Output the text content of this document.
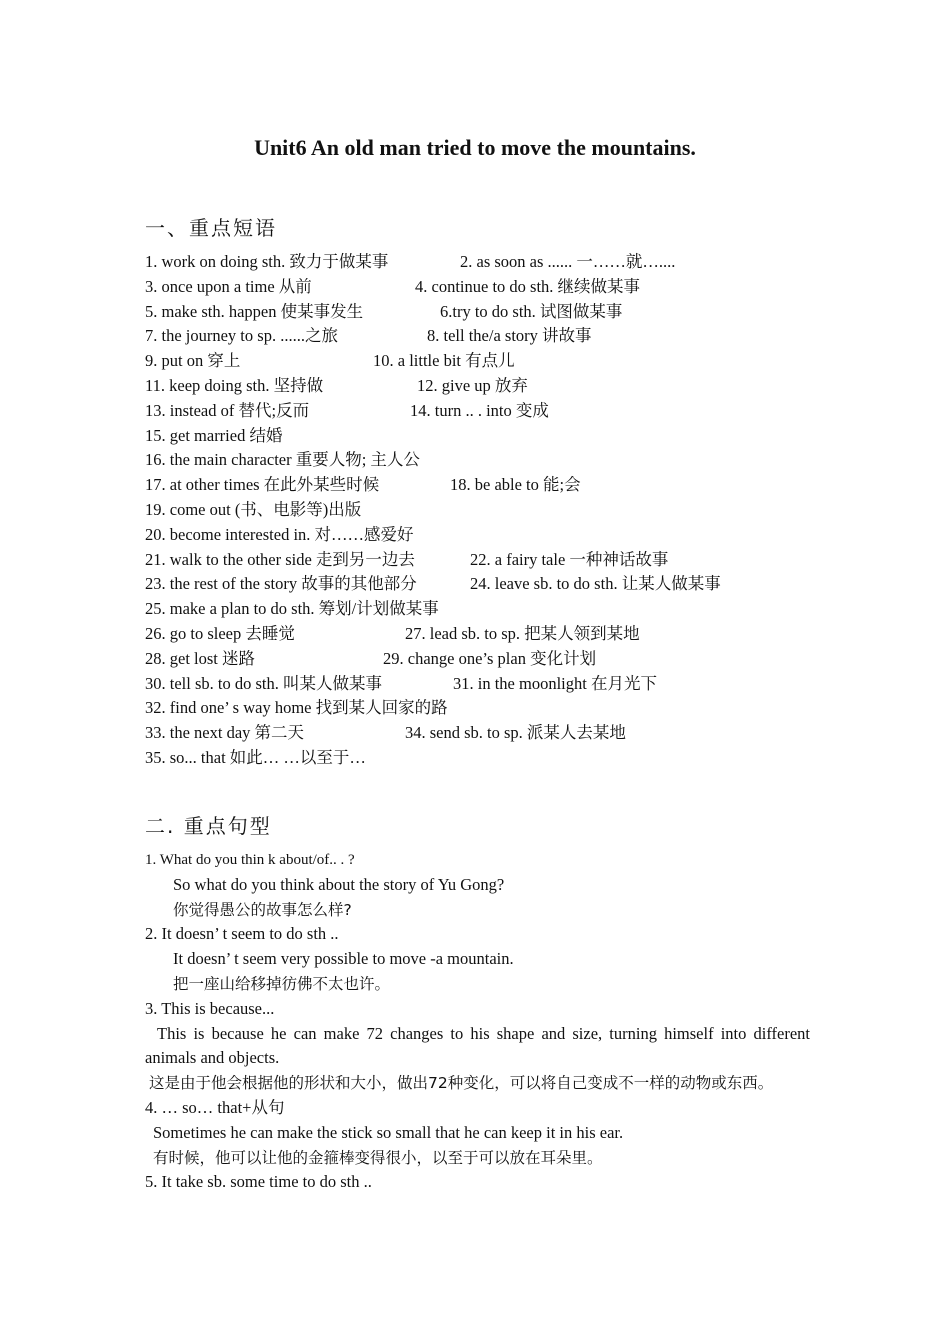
Unit6 An old man tried to move the mountains.
一、重点短语
1. work on doing sth. 致力于做某事	2. as soon as ...... 一……就…....
3. once upon a time 从前	4. continue to do sth. 继续做某事
5. make sth. happen 使某事发生	6.try to do sth. 试图做某事
7. the journey to sp. ......之旅	8. tell the/a story 讲故事
9. put on 穿上	10. a little bit 有点儿
11. keep doing sth. 坚持做	12. give up 放弃
13. instead of 替代;反而	14. turn .. . into 变成
15. get married 结婚
16. the main character 重要人物; 主人公
17. at other times 在此外某些时候	18. be able to 能;会
19. come out (书、电影等)出版
20. become interested in. 对……感爱好
21. walk to the other side 走到另一边去	22. a fairy tale 一种神话故事
23. the rest of the story 故事的其他部分	24. leave sb. to do sth. 让某人做某事
25. make a plan to do sth. 筹划/计划做某事
26. go to sleep 去睡觉	27. lead sb. to sp. 把某人领到某地
28. get lost 迷路	29. change one’s plan 变化计划
30. tell sb. to do sth. 叫某人做某事	31. in the moonlight 在月光下
32. find one’ s way home 找到某人回家的路
33. the next day 第二天	34. send sb. to sp. 派某人去某地
35. so... that 如此… …以至于…
二. 重点句型
1. What do you thin k about/of.. . ?
So what do you think about the story of Yu Gong?
你觉得愚公的故事怎么样?
2. It doesn’ t seem to do sth ..
It doesn’ t seem very possible to move -a mountain.
把一座山给移掉彷佛不太也许。
3. This is because...
This is because he can make 72 changes to his shape and size, turning himself into different animals and objects.
这是由于他会根据他的形状和大小，做出72种变化，可以将自己变成不一样的动物或东西。
4. … so… that+从句
Sometimes he can make the stick so small that he can keep it in his ear.
有时候，他可以让他的金箍棒变得很小，以至于可以放在耳朵里。
5. It take sb. some time to do sth ..
